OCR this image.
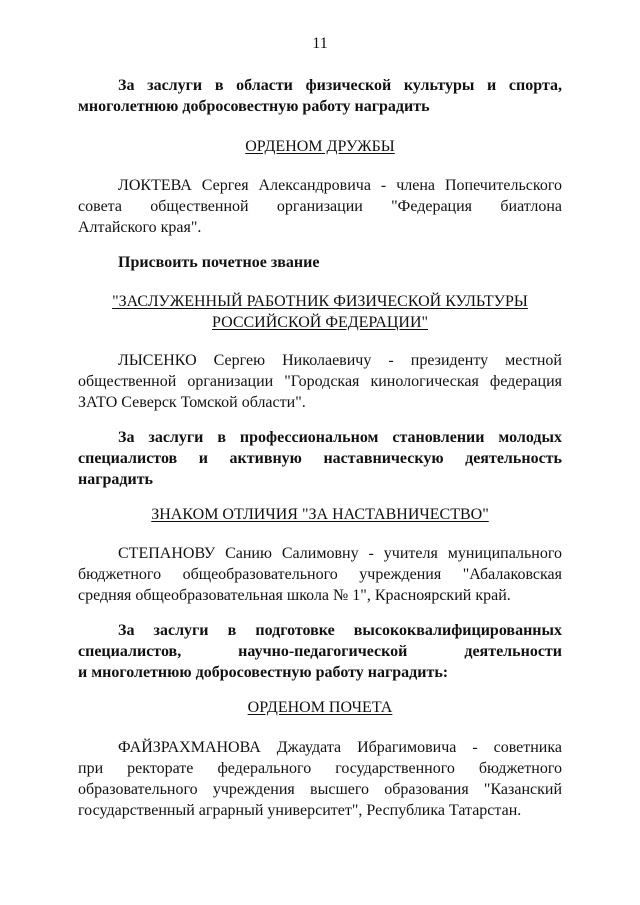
11
За заслуги в области физической культуры и спорта,
многолетнюю добросовестную работу наградить
ОРДЕНОМ ДРУЖБЫ
ЛОКТЕВА Сергея Александровича - члена Попечительского
совета общественной организации "Федерация биатлона
Алтайского края".
Присвоить почетное звание
"ЗАСЛУЖЕННЫЙ РАБОТНИК ФИЗИЧЕСКОЙ КУЛЬТУРЫ
РОССИЙСКОЙ ФЕДЕРАЦИИ"
ЛЫСЕНКО Сергею Николаевичу - президенту местной
общественной организации "Городская кинологическая федерация
ЗАТО Северск Томской области".
За заслуги в профессиональном становлении молодых
специалистов и активную наставническую деятельность
наградить
ЗНАКОМ ОТЛИЧИЯ "ЗА НАСТАВНИЧЕСТВО"
СТЕПАНОВУ Санию Салимовну - учителя муниципального
бюджетного общеобразовательного учреждения "Абалаковская
средняя общеобразовательная школа № 1", Красноярский край.
За заслуги в подготовке высококвалифицированных
специалистов, научно-педагогической деятельности
и многолетнюю добросовестную работу наградить:
ОРДЕНОМ ПОЧЕТА
ФАЙЗРАХМАНОВА Джаудата Ибрагимовича - советника
при ректорате федерального государственного бюджетного
образовательного учреждения высшего образования "Казанский
государственный аграрный университет", Республика Татарстан.
